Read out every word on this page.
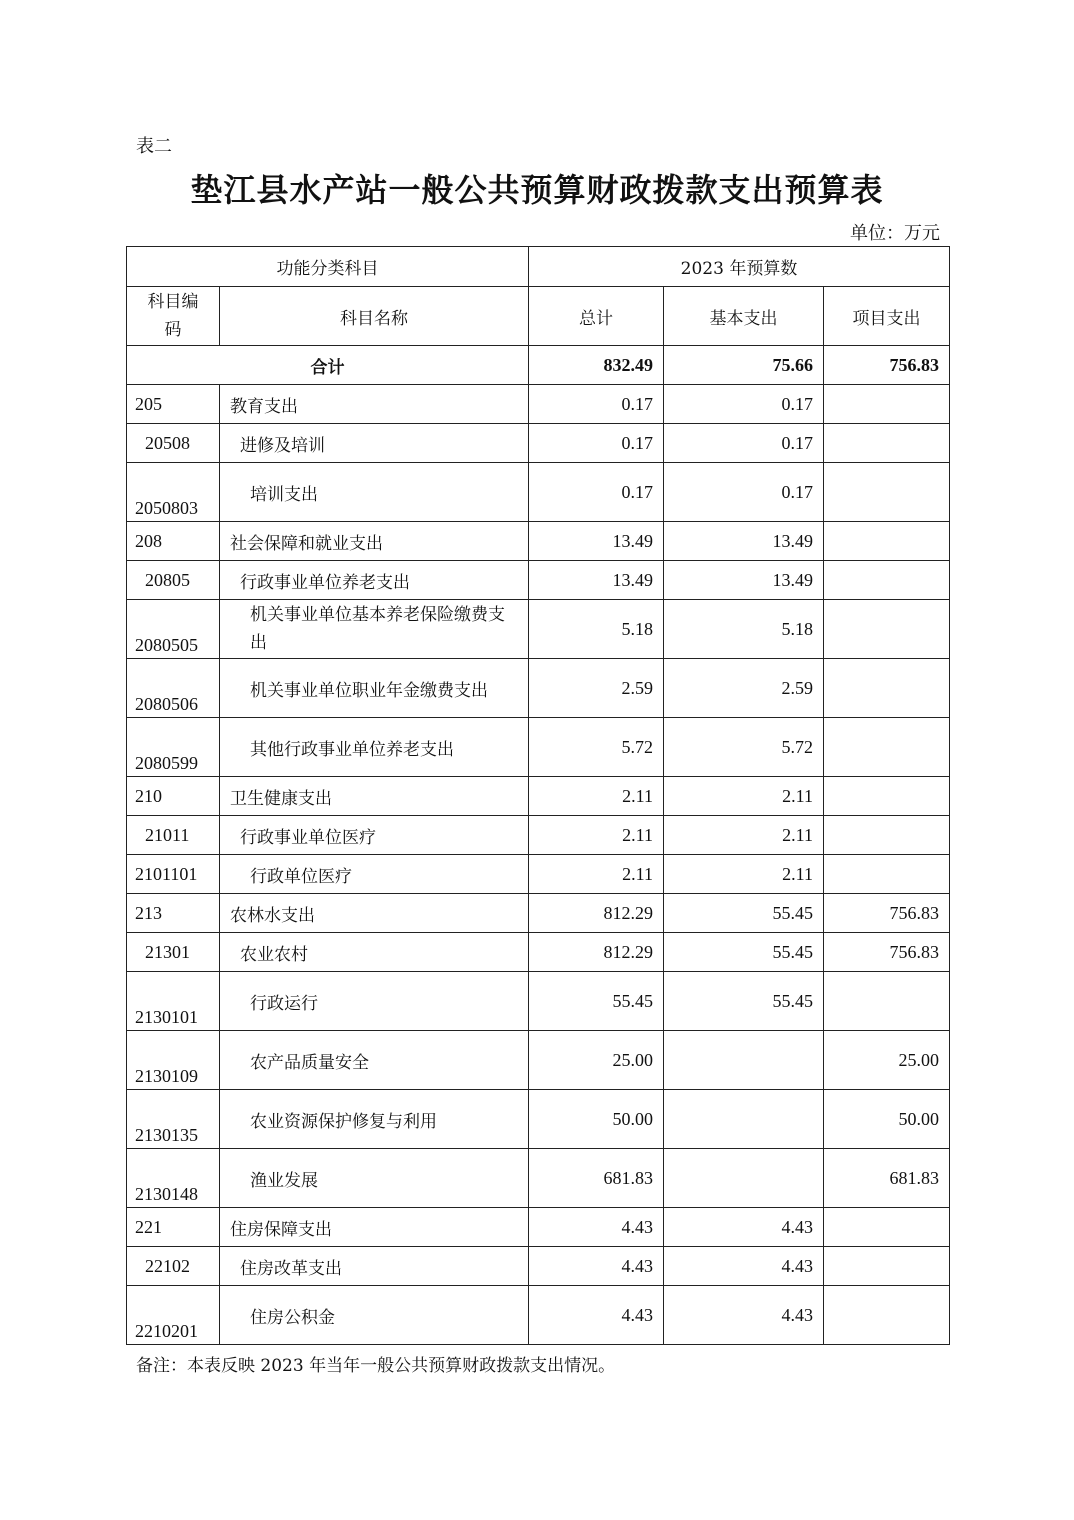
表二
垫江县水产站一般公共预算财政拨款支出预算表
单位：万元
功能分类科目		2023 年预算数		
科目编码	科目名称	总计	基本支出	项目支出
合计		832.49	75.66	756.83
205	教育支出	0.17	0.17	
20508	进修及培训	0.17	0.17	
2050803	培训支出	0.17	0.17	
208	社会保障和就业支出	13.49	13.49	
20805	行政事业单位养老支出	13.49	13.49	
2080505	机关事业单位基本养老保险缴费支出	5.18	5.18	
2080506	机关事业单位职业年金缴费支出	2.59	2.59	
2080599	其他行政事业单位养老支出	5.72	5.72	
210	卫生健康支出	2.11	2.11	
21011	行政事业单位医疗	2.11	2.11	
2101101	行政单位医疗	2.11	2.11	
213	农林水支出	812.29	55.45	756.83
21301	农业农村	812.29	55.45	756.83
2130101	行政运行	55.45	55.45	
2130109	农产品质量安全	25.00		25.00
2130135	农业资源保护修复与利用	50.00		50.00
2130148	渔业发展	681.83		681.83
221	住房保障支出	4.43	4.43	
22102	住房改革支出	4.43	4.43	
2210201	住房公积金	4.43	4.43	
备注：本表反映 2023 年当年一般公共预算财政拨款支出情况。
